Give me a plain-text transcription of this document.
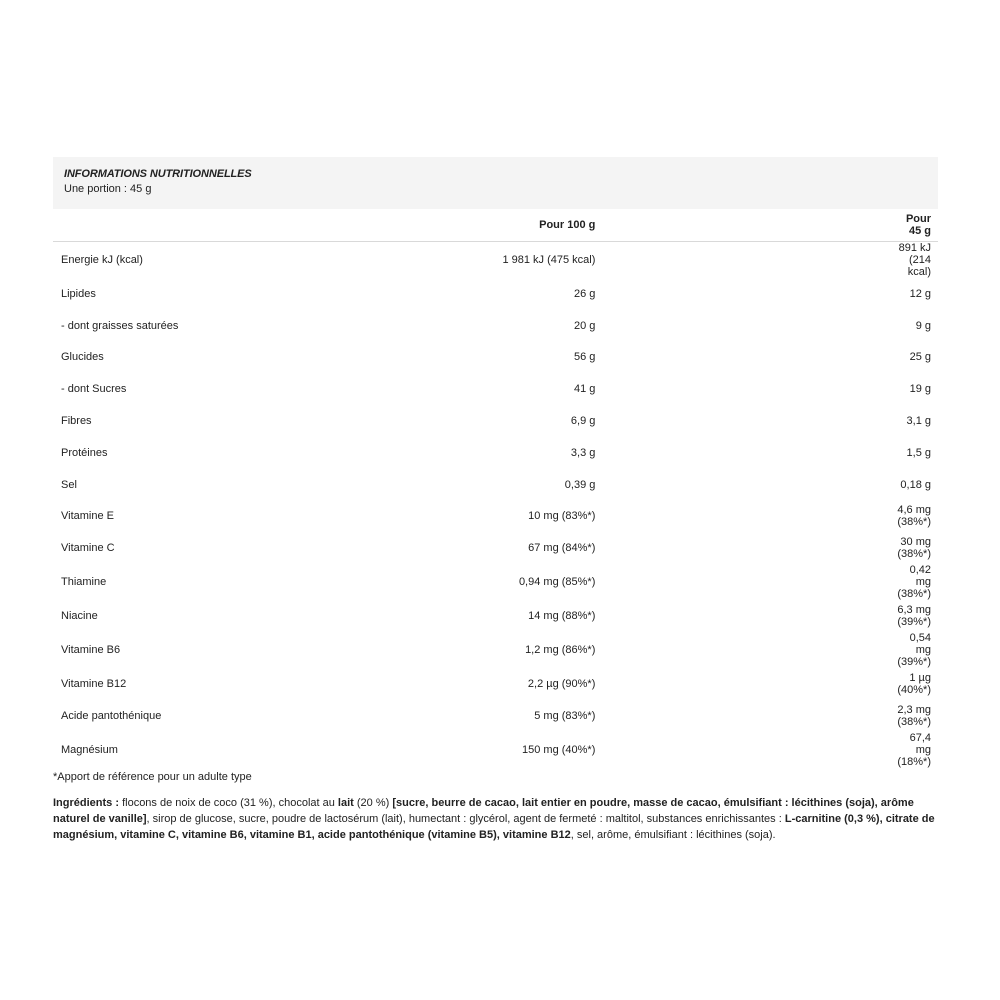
INFORMATIONS NUTRITIONNELLES
Une portion : 45 g
	Pour 100 g	Pour 45 g
Energie kJ (kcal)	1 981 kJ (475 kcal)	891 kJ (214 kcal)
Lipides	26 g	12 g
- dont graisses saturées	20 g	9 g
Glucides	56 g	25 g
- dont Sucres	41 g	19 g
Fibres	6,9 g	3,1 g
Protéines	3,3 g	1,5 g
Sel	0,39 g	0,18 g
Vitamine E	10 mg (83%*)	4,6 mg (38%*)
Vitamine C	67 mg (84%*)	30 mg (38%*)
Thiamine	0,94 mg (85%*)	0,42 mg (38%*)
Niacine	14 mg (88%*)	6,3 mg (39%*)
Vitamine B6	1,2 mg (86%*)	0,54 mg (39%*)
Vitamine B12	2,2 µg (90%*)	1 µg (40%*)
Acide pantothénique	5 mg (83%*)	2,3 mg (38%*)
Magnésium	150 mg (40%*)	67,4 mg (18%*)
*Apport de référence pour un adulte type
Ingrédients : flocons de noix de coco (31 %), chocolat au lait (20 %) [sucre, beurre de cacao, lait entier en poudre, masse de cacao, émulsifiant : lécithines (soja), arôme naturel de vanille], sirop de glucose, sucre, poudre de lactosérum (lait), humectant : glycérol, agent de fermeté : maltitol, substances enrichissantes : L-carnitine (0,3 %), citrate de magnésium, vitamine C, vitamine B6, vitamine B1, acide pantothénique (vitamine B5), vitamine B12, sel, arôme, émulsifiant : lécithines (soja).
